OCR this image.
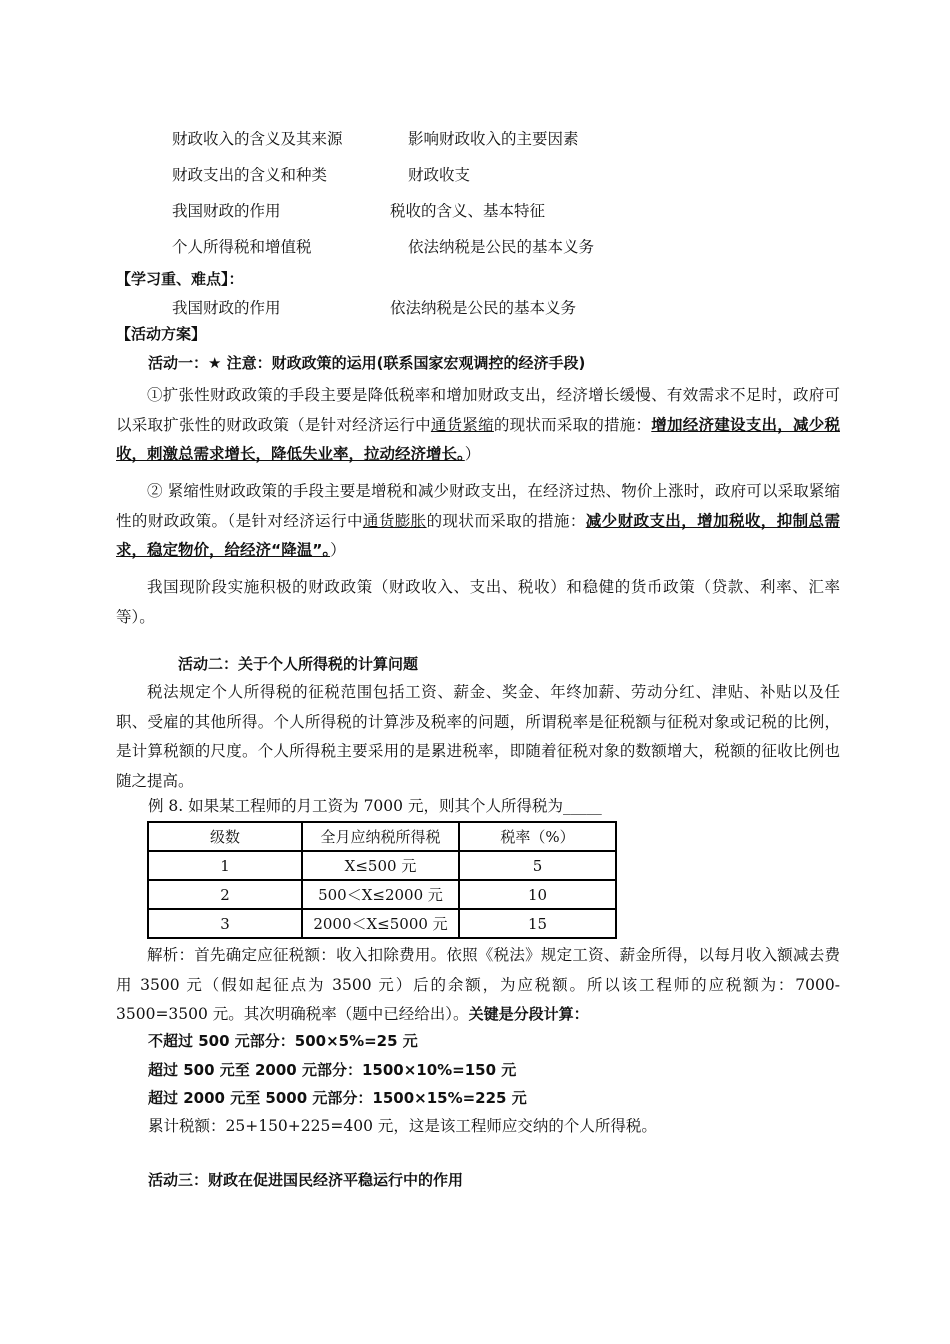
财政收入的含义及其来源	影响财政收入的主要因素
财政支出的含义和种类	财政收支
我国财政的作用	税收的含义、基本特征
个人所得税和增值税	依法纳税是公民的基本义务
【学习重、难点】：
我国财政的作用	依法纳税是公民的基本义务
【活动方案】
活动一：★ 注意：财政政策的运用(联系国家宏观调控的经济手段)
①扩张性财政政策的手段主要是降低税率和增加财政支出，经济增长缓慢、有效需求不足时，政府可以采取扩张性的财政政策（是针对经济运行中通货紧缩的现状而采取的措施：增加经济建设支出，减少税收，刺激总需求增长，降低失业率，拉动经济增长。）
② 紧缩性财政政策的手段主要是增税和减少财政支出，在经济过热、物价上涨时，政府可以采取紧缩性的财政政策。（是针对经济运行中通货膨胀的现状而采取的措施：减少财政支出，增加税收，抑制总需求，稳定物价，给经济“降温”。）
我国现阶段实施积极的财政政策（财政收入、支出、税收）和稳健的货币政策（贷款、利率、汇率等）。
活动二：关于个人所得税的计算问题
税法规定个人所得税的征税范围包括工资、薪金、奖金、年终加薪、劳动分红、津贴、补贴以及任职、受雇的其他所得。个人所得税的计算涉及税率的问题，所谓税率是征税额与征税对象或记税的比例，是计算税额的尺度。个人所得税主要采用的是累进税率，即随着征税对象的数额增大，税额的征收比例也随之提高。
例 8. 如果某工程师的月工资为 7000 元，则其个人所得税为_____
级数	全月应纳税所得税	税率（%）
1	X≤500 元	5
2	500＜X≤2000 元	10
3	2000＜X≤5000 元	15
解析：首先确定应征税额：收入扣除费用。依照《税法》规定工资、薪金所得，以每月收入额减去费用 3500 元（假如起征点为 3500 元）后的余额，为应税额。所以该工程师的应税额为：7000-3500=3500 元。其次明确税率（题中已经给出）。关键是分段计算：
不超过 500 元部分：500×5%=25 元
超过 500 元至 2000 元部分：1500×10%=150 元
超过 2000 元至 5000 元部分：1500×15%=225 元
累计税额：25+150+225=400 元，这是该工程师应交纳的个人所得税。
活动三：财政在促进国民经济平稳运行中的作用
